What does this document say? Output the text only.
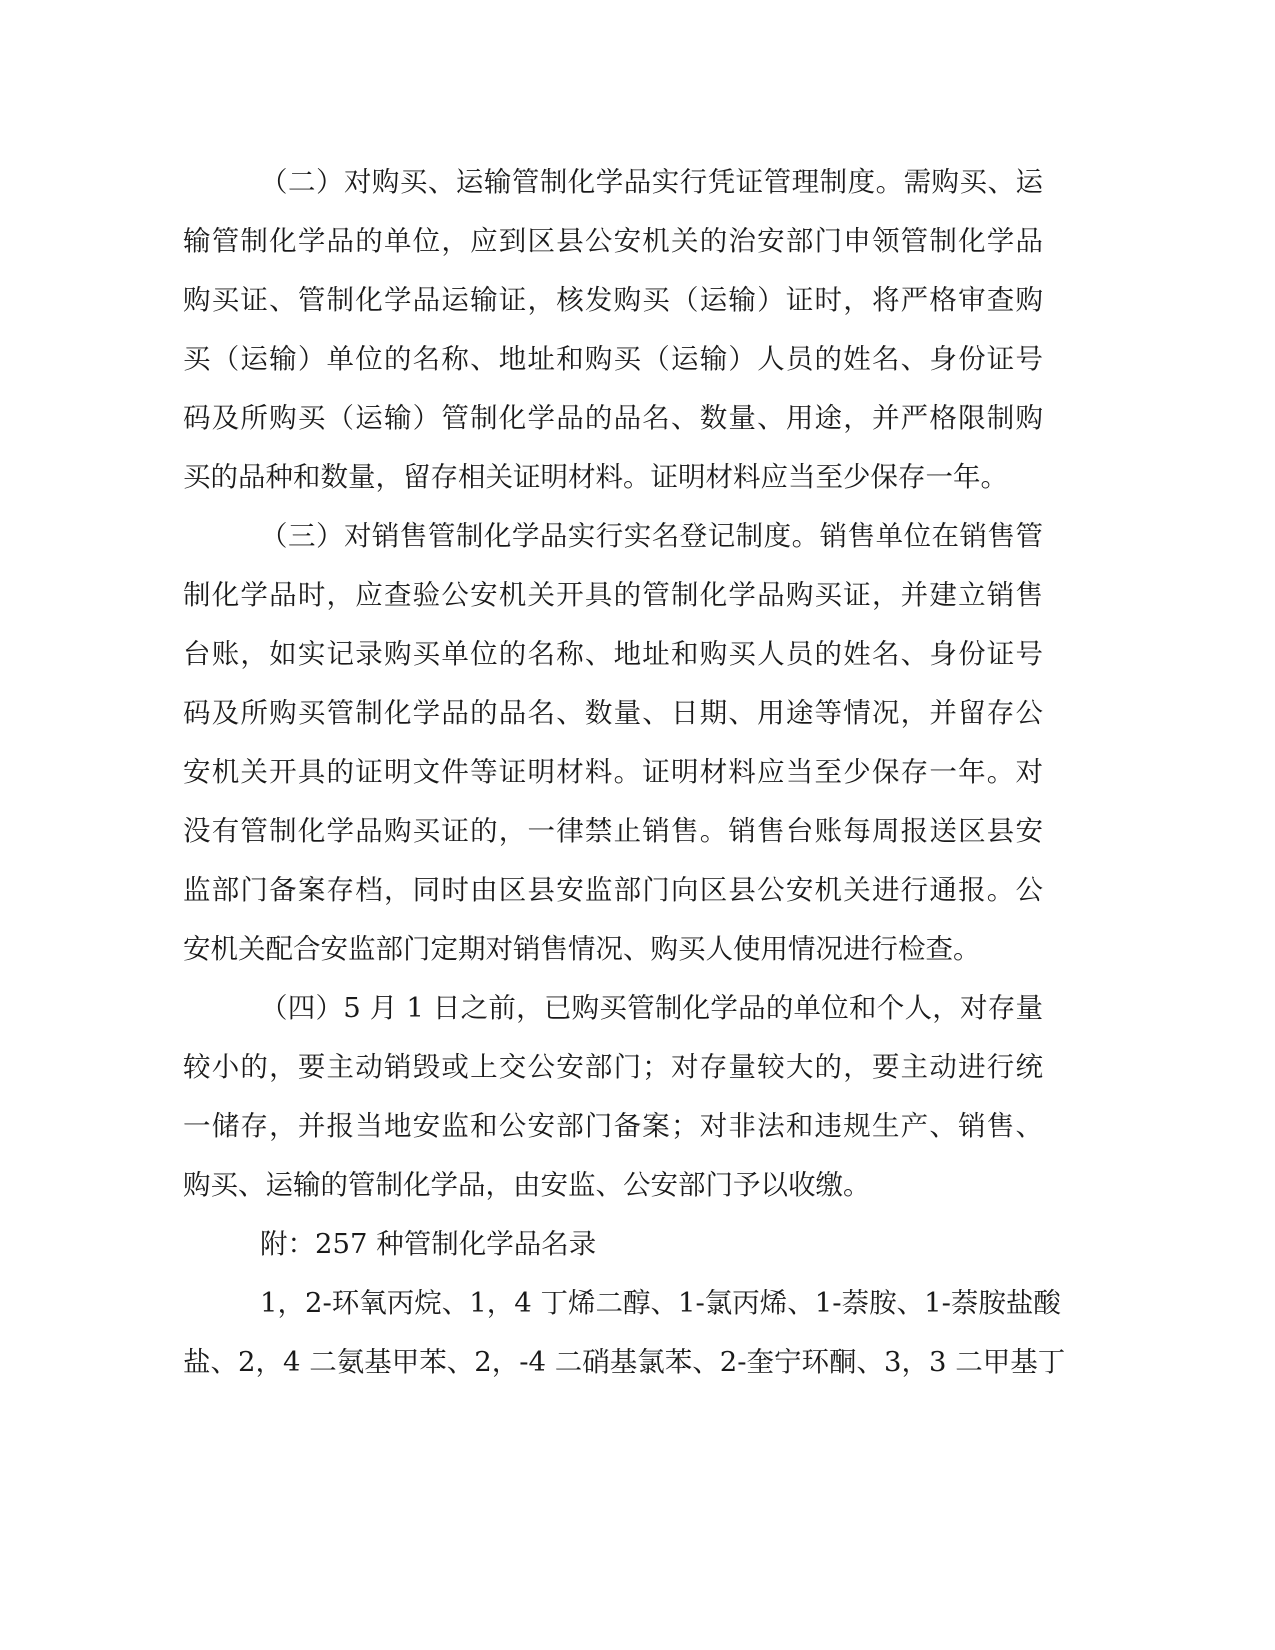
（二）对购买、运输管制化学品实行凭证管理制度。需购买、运
输管制化学品的单位，应到区县公安机关的治安部门申领管制化学品
购买证、管制化学品运输证，核发购买（运输）证时，将严格审查购
买（运输）单位的名称、地址和购买（运输）人员的姓名、身份证号
码及所购买（运输）管制化学品的品名、数量、用途，并严格限制购
买的品种和数量，留存相关证明材料。证明材料应当至少保存一年。
（三）对销售管制化学品实行实名登记制度。销售单位在销售管
制化学品时，应查验公安机关开具的管制化学品购买证，并建立销售
台账，如实记录购买单位的名称、地址和购买人员的姓名、身份证号
码及所购买管制化学品的品名、数量、日期、用途等情况，并留存公
安机关开具的证明文件等证明材料。证明材料应当至少保存一年。对
没有管制化学品购买证的，一律禁止销售。销售台账每周报送区县安
监部门备案存档，同时由区县安监部门向区县公安机关进行通报。公
安机关配合安监部门定期对销售情况、购买人使用情况进行检查。
（四）5 月 1 日之前，已购买管制化学品的单位和个人，对存量
较小的，要主动销毁或上交公安部门；对存量较大的，要主动进行统
一储存，并报当地安监和公安部门备案；对非法和违规生产、销售、
购买、运输的管制化学品，由安监、公安部门予以收缴。
附：257 种管制化学品名录
1，2-环氧丙烷、1，4 丁烯二醇、1-氯丙烯、1-萘胺、1-萘胺盐酸
盐、2，4 二氨基甲苯、2，-4 二硝基氯苯、2-奎宁环酮、3，3 二甲基丁
